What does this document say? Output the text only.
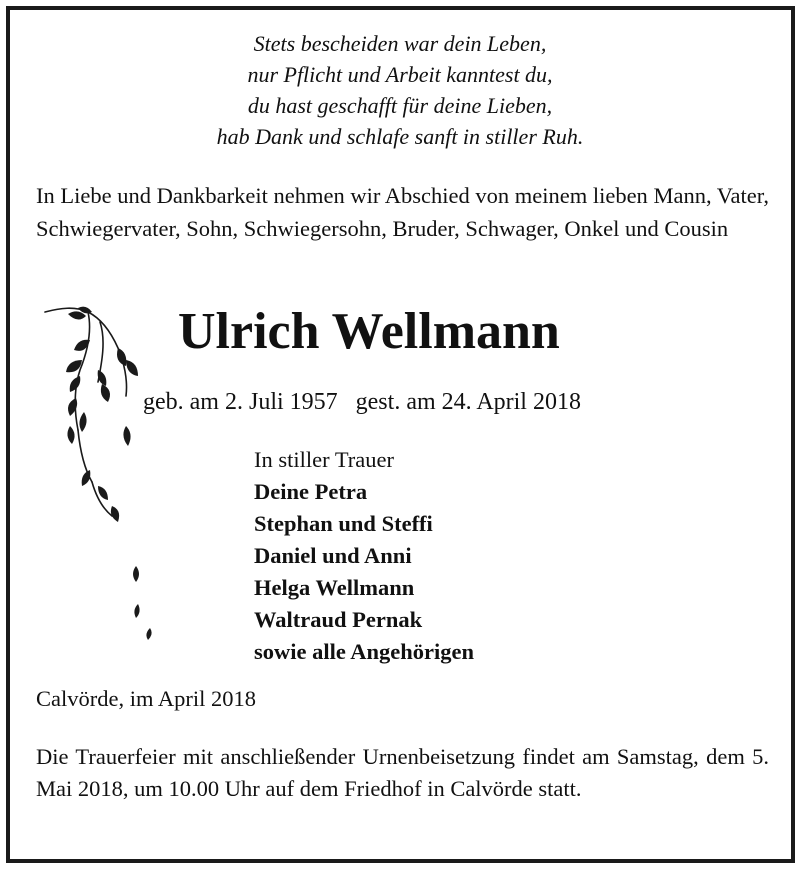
Stets bescheiden war dein Leben,
nur Pflicht und Arbeit kanntest du,
du hast geschafft für deine Lieben,
hab Dank und schlafe sanft in stiller Ruh.
In Liebe und Dankbarkeit nehmen wir Abschied von meinem lieben Mann, Vater, Schwiegervater, Sohn, Schwiegersohn, Bruder, Schwager, Onkel und Cousin
Ulrich Wellmann
geb. am 2. Juli 1957 gest. am 24. April 2018
In stiller Trauer
Deine Petra
Stephan und Steffi
Daniel und Anni
Helga Wellmann
Waltraud Pernak
sowie alle Angehörigen
Calvörde, im April 2018
Die Trauerfeier mit anschließender Urnenbeisetzung findet am Samstag, dem 5. Mai 2018, um 10.00 Uhr auf dem Friedhof in Calvörde statt.
